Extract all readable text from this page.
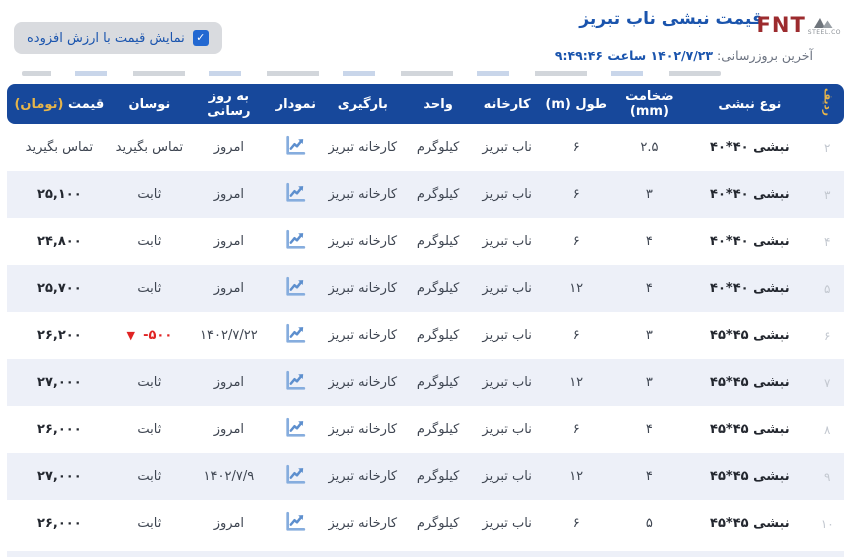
قیمت نبشی ناب تبریز
FNT STEEL.CO
آخرین بروزرسانی: ۱۴۰۲/۷/۲۳ ساعت ۹:۴۹:۴۶
✓
نمایش قیمت با ارزش افزوده
ردیف	نوع نبشی	ضخامت (mm)	طول (m)	کارخانه	واحد	بارگیری	نمودار	به روز رسانی	نوسان	قیمت (تومان)
۲	نبشی ۴۰*۴۰	۲.۵	۶	ناب تبریز	کیلوگرم	کارخانه تبریز		امروز	تماس بگیرید	تماس بگیرید
۳	نبشی ۴۰*۴۰	۳	۶	ناب تبریز	کیلوگرم	کارخانه تبریز		امروز	ثابت	۲۵,۱۰۰
۴	نبشی ۴۰*۴۰	۴	۶	ناب تبریز	کیلوگرم	کارخانه تبریز		امروز	ثابت	۲۴,۸۰۰
۵	نبشی ۴۰*۴۰	۴	۱۲	ناب تبریز	کیلوگرم	کارخانه تبریز		امروز	ثابت	۲۵,۷۰۰
۶	نبشی ۴۵*۴۵	۳	۶	ناب تبریز	کیلوگرم	کارخانه تبریز		۱۴۰۲/۷/۲۲	-۵۰۰ ▼	۲۶,۲۰۰
۷	نبشی ۴۵*۴۵	۳	۱۲	ناب تبریز	کیلوگرم	کارخانه تبریز		امروز	ثابت	۲۷,۰۰۰
۸	نبشی ۴۵*۴۵	۴	۶	ناب تبریز	کیلوگرم	کارخانه تبریز		امروز	ثابت	۲۶,۰۰۰
۹	نبشی ۴۵*۴۵	۴	۱۲	ناب تبریز	کیلوگرم	کارخانه تبریز		۱۴۰۲/۷/۹	ثابت	۲۷,۰۰۰
۱۰	نبشی ۴۵*۴۵	۵	۶	ناب تبریز	کیلوگرم	کارخانه تبریز		امروز	ثابت	۲۶,۰۰۰
